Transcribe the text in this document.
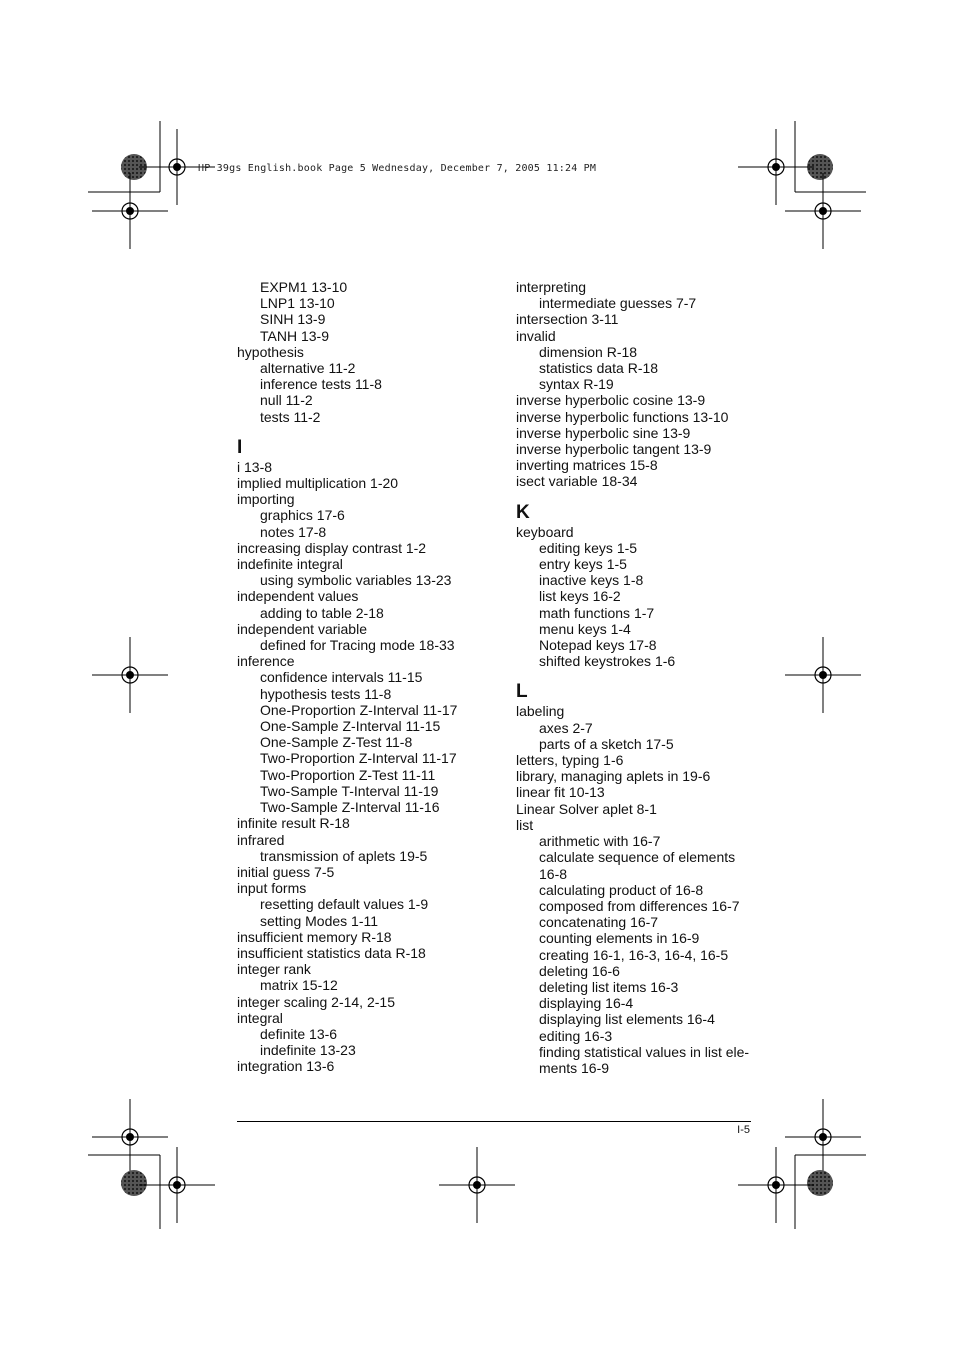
HP 39gs English.book Page 5 Wednesday, December 7, 2005 11:24 PM
EXPM1 13-10
LNP1 13-10
SINH 13-9
TANH 13-9
hypothesis
alternative 11-2
inference tests 11-8
null 11-2
tests 11-2
I
i 13-8
implied multiplication 1-20
importing
graphics 17-6
notes 17-8
increasing display contrast 1-2
indefinite integral
using symbolic variables 13-23
independent values
adding to table 2-18
independent variable
defined for Tracing mode 18-33
inference
confidence intervals 11-15
hypothesis tests 11-8
One-Proportion Z-Interval 11-17
One-Sample Z-Interval 11-15
One-Sample Z-Test 11-8
Two-Proportion Z-Interval 11-17
Two-Proportion Z-Test 11-11
Two-Sample T-Interval 11-19
Two-Sample Z-Interval 11-16
infinite result R-18
infrared
transmission of aplets 19-5
initial guess 7-5
input forms
resetting default values 1-9
setting Modes 1-11
insufficient memory R-18
insufficient statistics data R-18
integer rank
matrix 15-12
integer scaling 2-14, 2-15
integral
definite 13-6
indefinite 13-23
integration 13-6
interpreting
intermediate guesses 7-7
intersection 3-11
invalid
dimension R-18
statistics data R-18
syntax R-19
inverse hyperbolic cosine 13-9
inverse hyperbolic functions 13-10
inverse hyperbolic sine 13-9
inverse hyperbolic tangent 13-9
inverting matrices 15-8
isect variable 18-34
K
keyboard
editing keys 1-5
entry keys 1-5
inactive keys 1-8
list keys 16-2
math functions 1-7
menu keys 1-4
Notepad keys 17-8
shifted keystrokes 1-6
L
labeling
axes 2-7
parts of a sketch 17-5
letters, typing 1-6
library, managing aplets in 19-6
linear fit 10-13
Linear Solver aplet 8-1
list
arithmetic with 16-7
calculate sequence of elements 16-8
calculating product of 16-8
composed from differences 16-7
concatenating 16-7
counting elements in 16-9
creating 16-1, 16-3, 16-4, 16-5
deleting 16-6
deleting list items 16-3
displaying 16-4
displaying list elements 16-4
editing 16-3
finding statistical values in list ele-ments 16-9
I-5
